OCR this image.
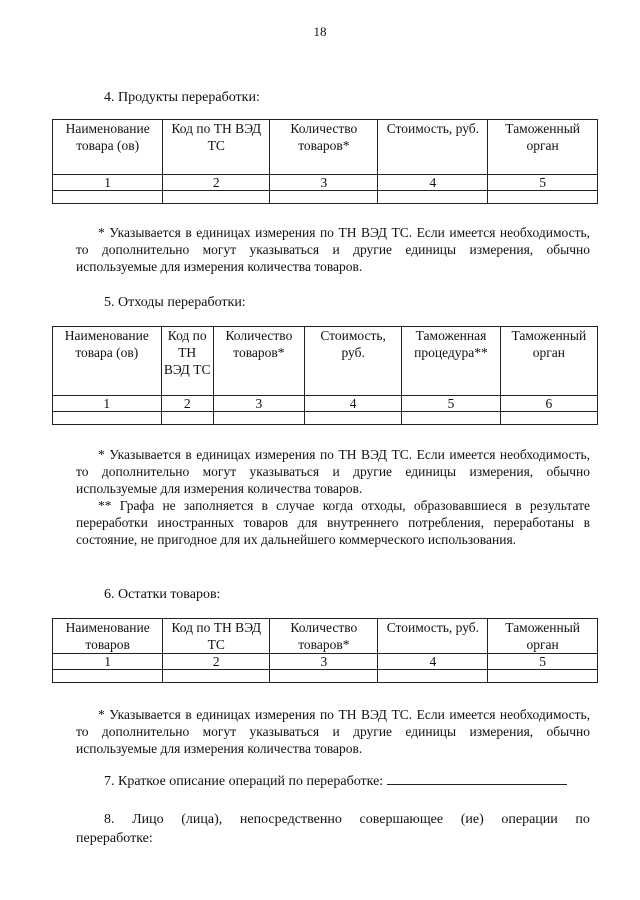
18
4. Продукты переработки:
Наименование товара (ов)	Код по ТН ВЭД ТС	Количество товаров*	Стоимость, руб.	Таможенный орган
1	2	3	4	5

* Указывается в единицах измерения по ТН ВЭД ТС. Если имеется необходимость, то дополнительно могут указываться и другие единицы измерения, обычно используемые для измерения количества товаров.
5. Отходы переработки:
Наименование товара (ов)	Код по ТН ВЭД ТС	Количество товаров*	Стоимость, руб.	Таможенная процедура**	Таможенный орган
1	2	3	4	5	6

* Указывается в единицах измерения по ТН ВЭД ТС. Если имеется необходимость, то дополнительно могут указываться и другие единицы измерения, обычно используемые для измерения количества товаров.

** Графа не заполняется в случае когда отходы, образовавшиеся в результате переработки иностранных товаров для внутреннего потребления, переработаны в состояние, не пригодное для их дальнейшего коммерческого использования.

6. Остатки товаров:
Наименование товаров	Код по ТН ВЭД ТС	Количество товаров*	Стоимость, руб.	Таможенный орган
1	2	3	4	5

* Указывается в единицах измерения по ТН ВЭД ТС. Если имеется необходимость, то дополнительно могут указываться и другие единицы измерения, обычно используемые для измерения количества товаров.
7. Краткое описание операций по переработке:
8. Лицо (лица), непосредственно совершающее (ие) операции по
переработке:
